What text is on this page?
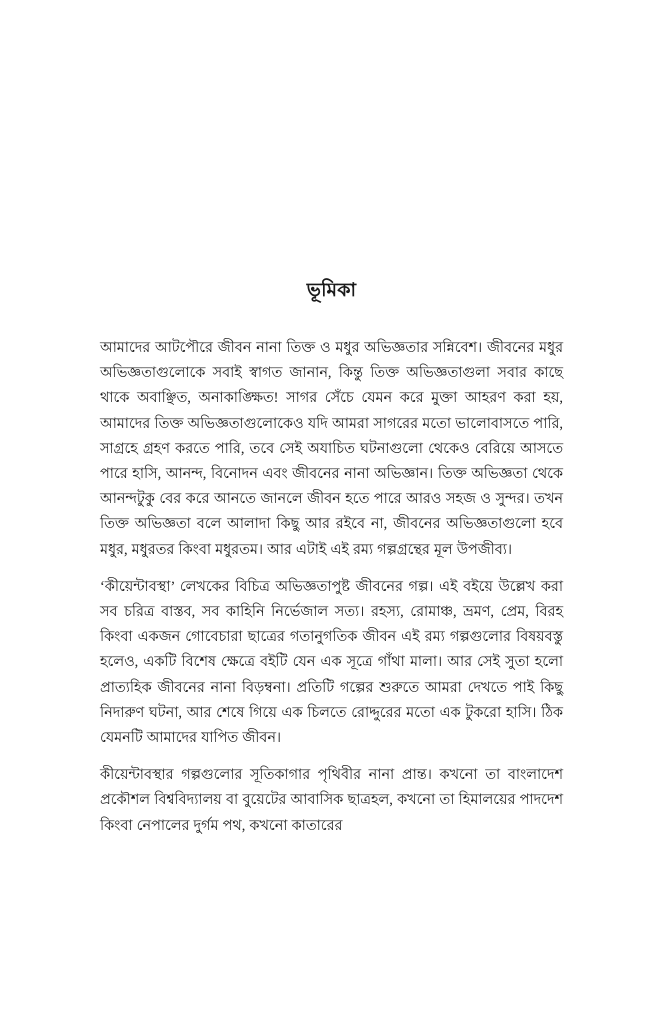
ভূমিকা

আমাদের আটপৌরে জীবন নানা তিক্ত ও মধুর অভিজ্ঞতার সন্নিবেশ। জীবনের মধুর অভিজ্ঞতাগুলোকে সবাই স্বাগত জানান, কিন্তু তিক্ত অভিজ্ঞতাগুলা সবার কাছে থাকে অবাঞ্ছিত, অনাকাঙ্ক্ষিত! সাগর সেঁচে যেমন করে মুক্তা আহরণ করা হয়, আমাদের তিক্ত অভিজ্ঞতাগুলোকেও যদি আমরা সাগরের মতো ভালোবাসতে পারি, সাগ্রহে গ্রহণ করতে পারি, তবে সেই অযাচিত ঘটনাগুলো থেকেও বেরিয়ে আসতে পারে হাসি, আনন্দ, বিনোদন এবং জীবনের নানা অভিজ্ঞান। তিক্ত অভিজ্ঞতা থেকে আনন্দটুকু বের করে আনতে জানলে জীবন হতে পারে আরও সহজ ও সুন্দর। তখন তিক্ত অভিজ্ঞতা বলে আলাদা কিছু আর রইবে না, জীবনের অভিজ্ঞতাগুলো হবে মধুর, মধুরতর কিংবা মধুরতম। আর এটাই এই রম্য গল্পগ্রন্থের মূল উপজীব্য।

‘কীয়েন্টাবস্থা’ লেখকের বিচিত্র অভিজ্ঞতাপুষ্ট জীবনের গল্প। এই বইয়ে উল্লেখ করা সব চরিত্র বাস্তব, সব কাহিনি নির্ভেজাল সত্য। রহস্য, রোমাঞ্চ, ভ্রমণ, প্রেম, বিরহ কিংবা একজন গোবেচারা ছাত্রের গতানুগতিক জীবন এই রম্য গল্পগুলোর বিষয়বস্তু হলেও, একটি বিশেষ ক্ষেত্রে বইটি যেন এক সূত্রে গাঁথা মালা। আর সেই সুতা হলো প্রাত্যহিক জীবনের নানা বিড়ম্বনা। প্রতিটি গল্পের শুরুতে আমরা দেখতে পাই কিছু নিদারুণ ঘটনা, আর শেষে গিয়ে এক চিলতে রোদ্দুরের মতো এক টুকরো হাসি। ঠিক যেমনটি আমাদের যাপিত জীবন।

কীয়েন্টাবস্থার গল্পগুলোর সূতিকাগার পৃথিবীর নানা প্রান্ত। কখনো তা বাংলাদেশ প্রকৌশল বিশ্ববিদ্যালয় বা বুয়েটের আবাসিক ছাত্রহল, কখনো তা হিমালয়ের পাদদেশ কিংবা নেপালের দুর্গম পথ, কখনো কাতারের
